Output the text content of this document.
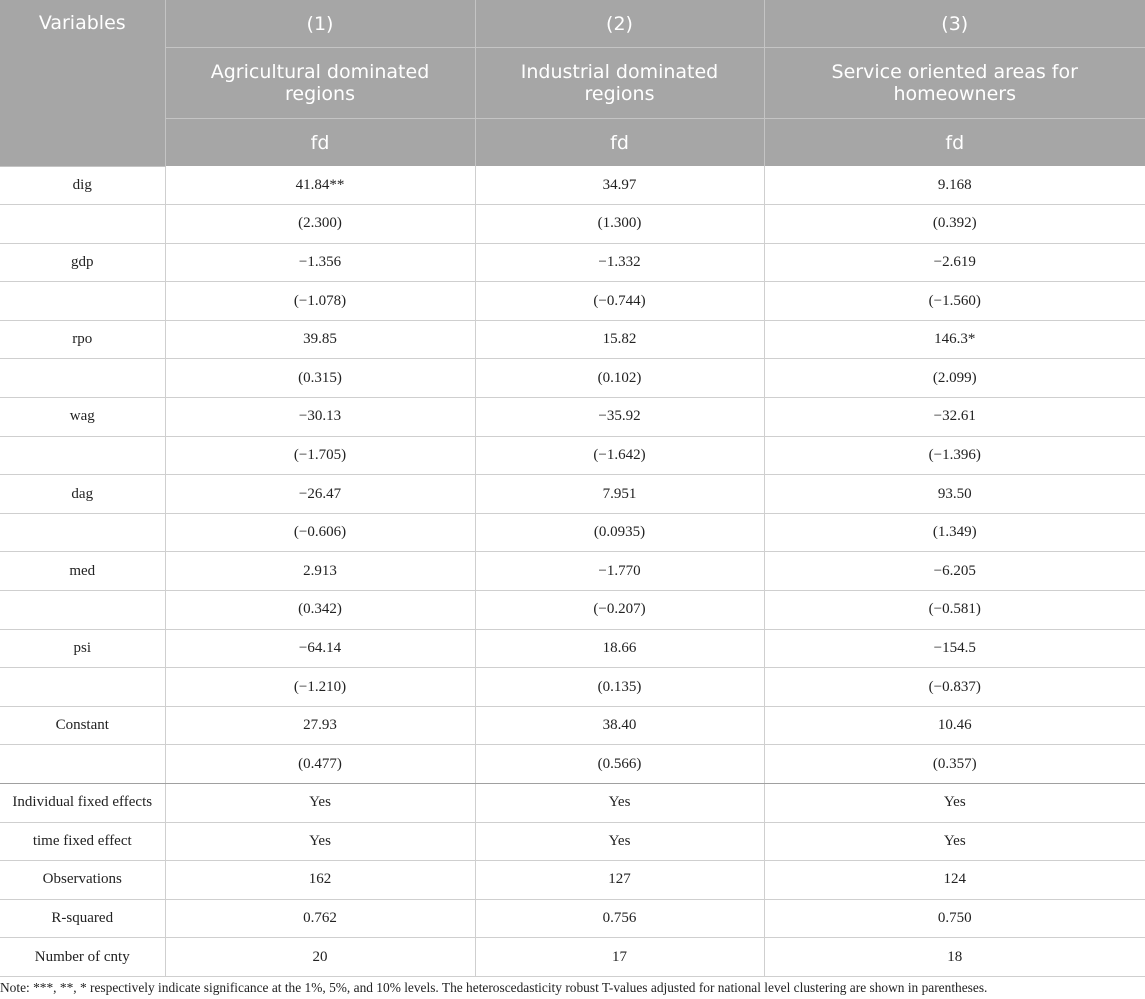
Variables	(1)	(2)	(3)
	Agricultural dominated regions	Industrial dominated regions	Service oriented areas for homeowners
	fd	fd	fd
dig	41.84**	34.97	9.168
	(2.300)	(1.300)	(0.392)
gdp	−1.356	−1.332	−2.619
	(−1.078)	(−0.744)	(−1.560)
rpo	39.85	15.82	146.3*
	(0.315)	(0.102)	(2.099)
wag	−30.13	−35.92	−32.61
	(−1.705)	(−1.642)	(−1.396)
dag	−26.47	7.951	93.50
	(−0.606)	(0.0935)	(1.349)
med	2.913	−1.770	−6.205
	(0.342)	(−0.207)	(−0.581)
psi	−64.14	18.66	−154.5
	(−1.210)	(0.135)	(−0.837)
Constant	27.93	38.40	10.46
	(0.477)	(0.566)	(0.357)
Individual fixed effects	Yes	Yes	Yes
time fixed effect	Yes	Yes	Yes
Observations	162	127	124
R-squared	0.762	0.756	0.750
Number of cnty	20	17	18
Note: ***, **, * respectively indicate significance at the 1%, 5%, and 10% levels. The heteroscedasticity robust T-values adjusted for national level clustering are shown in parentheses.
